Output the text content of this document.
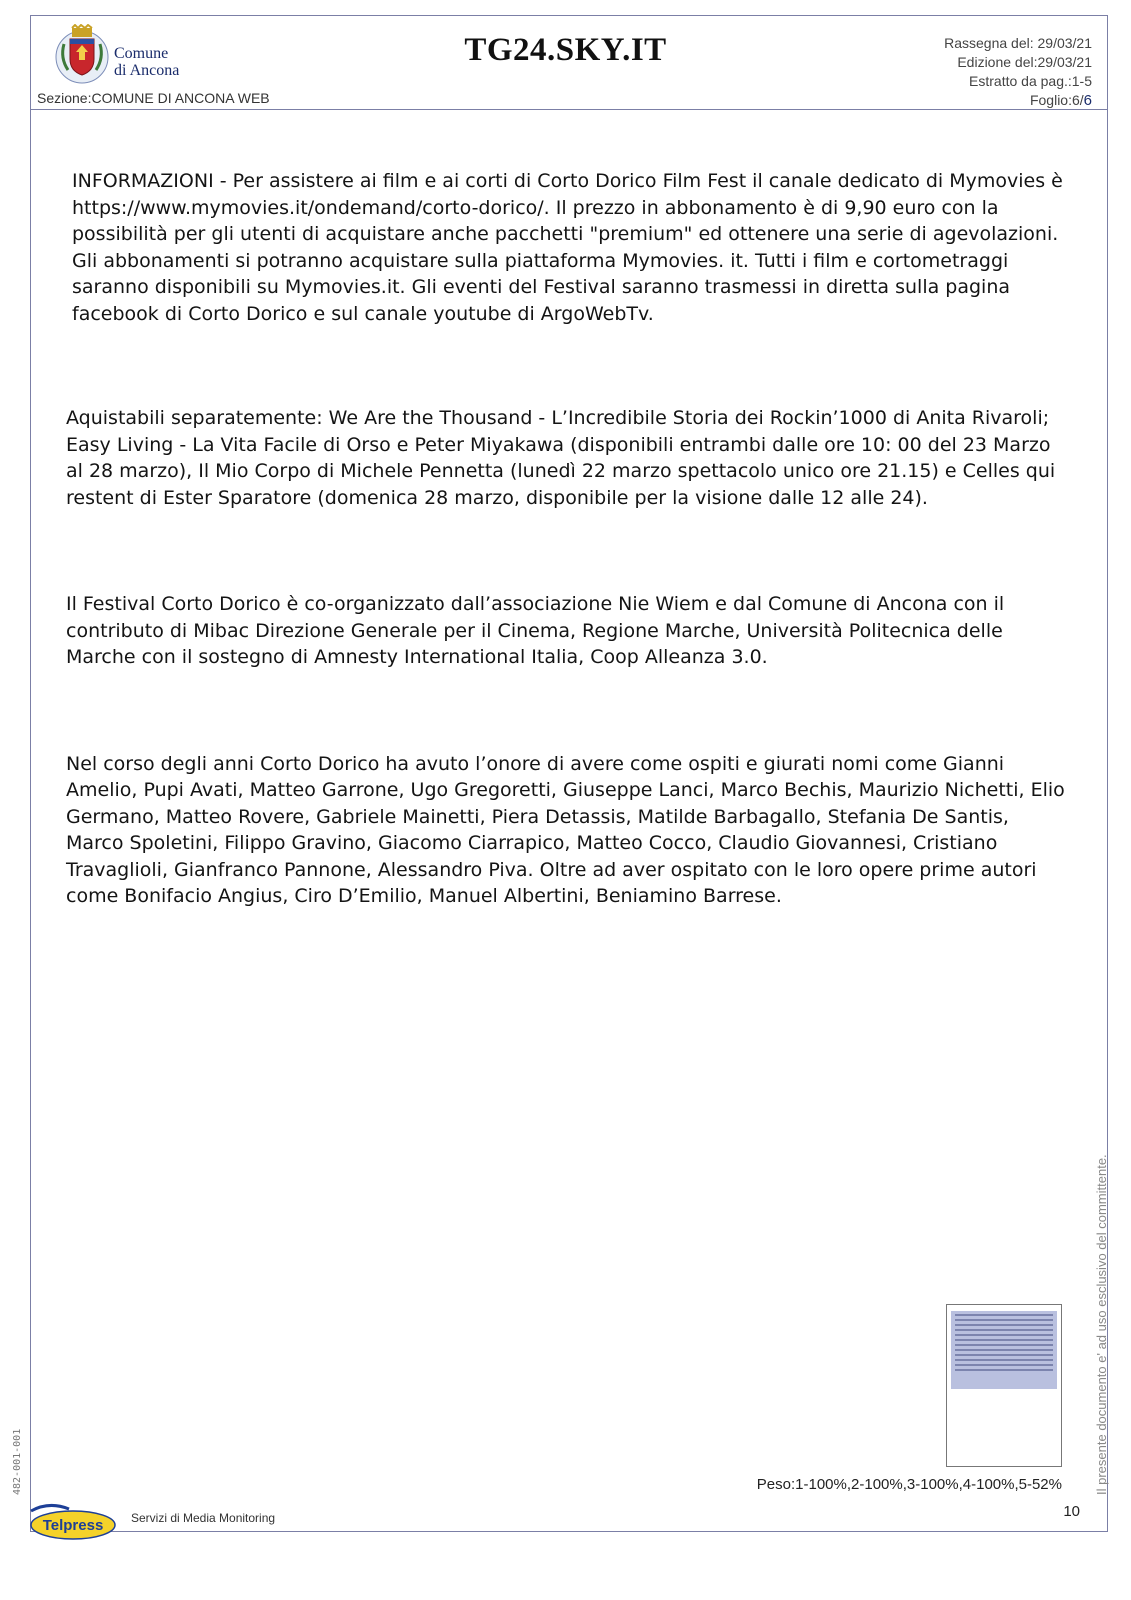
Comune
di Ancona
Sezione:COMUNE DI ANCONA WEB
TG24.SKY.IT	Rassegna del: 29/03/21
Edizione del:29/03/21
Estratto da pag.:1-5
Foglio:6/6

INFORMAZIONI - Per assistere ai film e ai corti di Corto Dorico Film Fest il canale dedicato di Mymovies è https://www.mymovies.it/ondemand/corto-dorico/. Il prezzo in abbonamento è di 9,90 euro con la possibilità per gli utenti di acquistare anche pacchetti "premium" ed ottenere una serie di agevolazioni. Gli abbonamenti si potranno acquistare sulla piattaforma Mymovies. it. Tutti i film e cortometraggi saranno disponibili su Mymovies.it. Gli eventi del Festival saranno trasmessi in diretta sulla pagina facebook di Corto Dorico e sul canale youtube di ArgoWebTv.

Aquistabili separatemente: We Are the Thousand - L’Incredibile Storia dei Rockin’1000 di Anita Rivaroli; Easy Living - La Vita Facile di Orso e Peter Miyakawa (disponibili entrambi dalle ore 10: 00 del 23 Marzo al 28 marzo), Il Mio Corpo di Michele Pennetta (lunedì 22 marzo spettacolo unico ore 21.15) e Celles qui restent di Ester Sparatore (domenica 28 marzo, disponibile per la visione dalle 12 alle 24).

Il Festival Corto Dorico è co-organizzato dall’associazione Nie Wiem e dal Comune di Ancona con il contributo di Mibac Direzione Generale per il Cinema, Regione Marche, Università Politecnica delle Marche con il sostegno di Amnesty International Italia, Coop Alleanza 3.0.

Nel corso degli anni Corto Dorico ha avuto l’onore di avere come ospiti e giurati nomi come Gianni Amelio, Pupi Avati, Matteo Garrone, Ugo Gregoretti, Giuseppe Lanci, Marco Bechis, Maurizio Nichetti, Elio Germano, Matteo Rovere, Gabriele Mainetti, Piera Detassis, Matilde Barbagallo, Stefania De Santis, Marco Spoletini, Filippo Gravino, Giacomo Ciarrapico, Matteo Cocco, Claudio Giovannesi, Cristiano Travaglioli, Gianfranco Pannone, Alessandro Piva. Oltre ad aver ospitato con le loro opere prime autori come Bonifacio Angius, Ciro D’Emilio, Manuel Albertini, Beniamino Barrese.

Peso:1-100%,2-100%,3-100%,4-100%,5-52% Il presente documento e' ad uso esclusivo del committente.
482-001-001
10
Telpress Servizi di Media Monitoring
